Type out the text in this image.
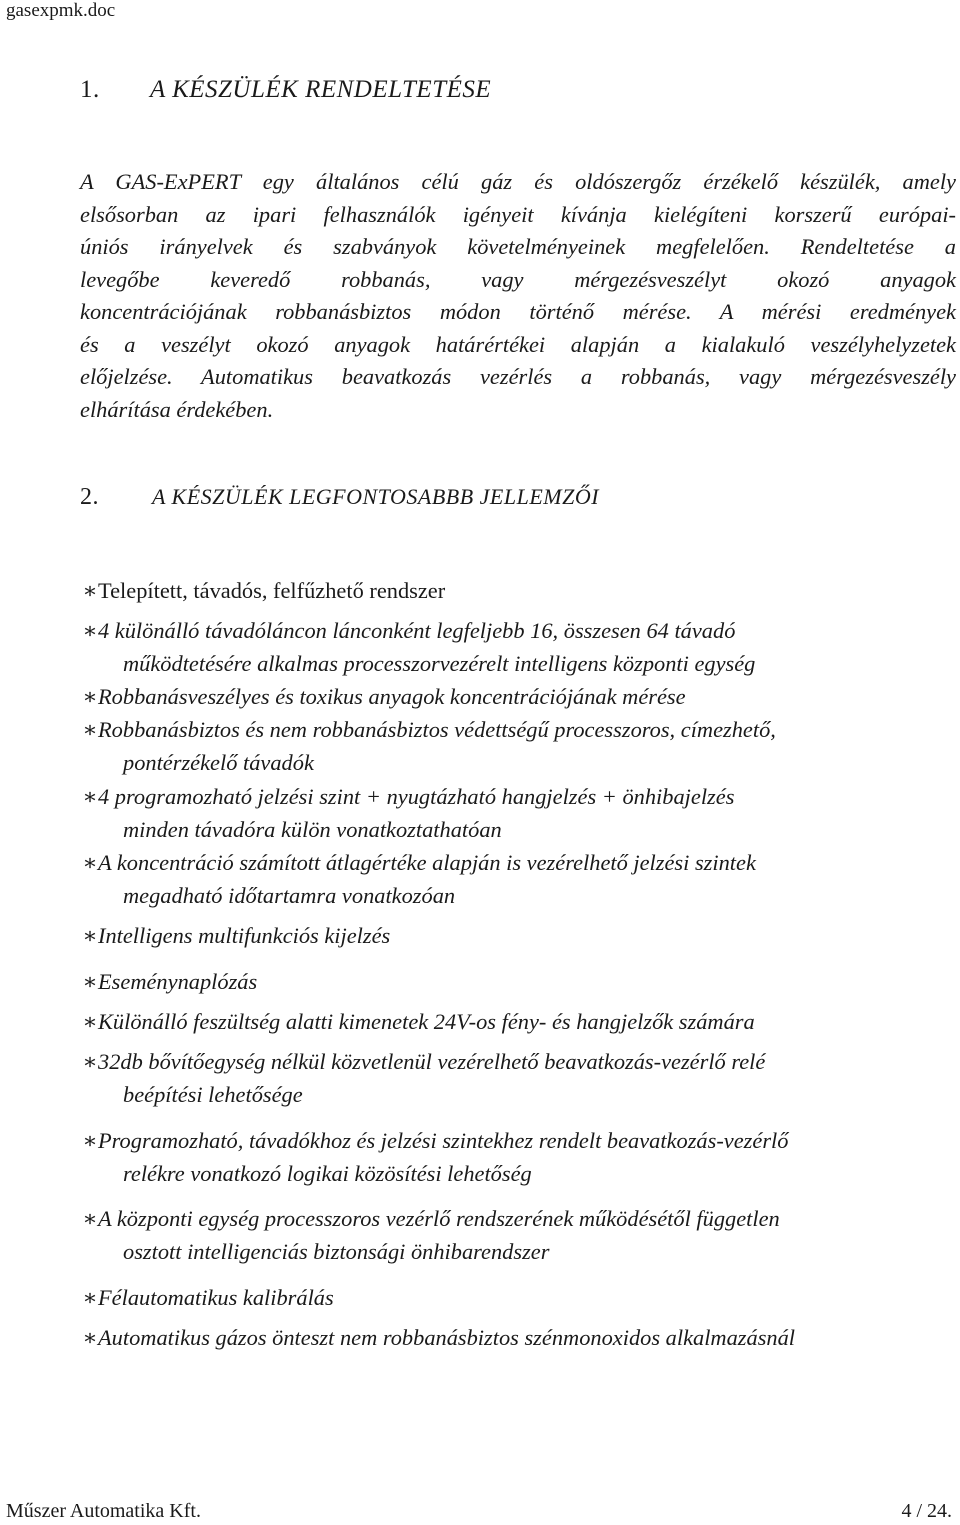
gasexpmk.doc
1. A KÉSZÜLÉK RENDELTETÉSE
A GAS-ExPERT egy általános célú gáz és oldószergőz érzékelő készülék, amely
elsősorban az ipari felhasználók igényeit kívánja kielégíteni korszerű európai-
úniós irányelvek és szabványok követelményeinek megfelelően. Rendeltetése a
levegőbe keveredő robbanás, vagy mérgezésveszélyt okozó anyagok
koncentrációjának robbanásbiztos módon történő mérése. A mérési eredmények
és a veszélyt okozó anyagok határértékei alapján a kialakuló veszélyhelyzetek
előjelzése. Automatikus beavatkozás vezérlés a robbanás, vagy mérgezésveszély
elhárítása érdekében.
2. A KÉSZÜLÉK LEGFONTOSABBB JELLEMZŐI
∗ Telepített, távadós, felfűzhető rendszer
∗ 4 különálló távadóláncon lánconként legfeljebb 16, összesen 64 távadó
működtetésére alkalmas processzorvezérelt intelligens központi egység
∗ Robbanásveszélyes és toxikus anyagok koncentrációjának mérése
∗ Robbanásbiztos és nem robbanásbiztos védettségű processzoros, címezhető,
pontérzékelő távadók
∗ 4 programozható jelzési szint + nyugtázható hangjelzés + önhibajelzés
minden távadóra külön vonatkoztathatóan
∗ A koncentráció számított átlagértéke alapján is vezérelhető jelzési szintek
megadható időtartamra vonatkozóan
∗ Intelligens multifunkciós kijelzés
∗ Eseménynaplózás
∗ Különálló feszültség alatti kimenetek 24V-os fény- és hangjelzők számára
∗ 32db bővítőegység nélkül közvetlenül vezérelhető beavatkozás-vezérlő relé
beépítési lehetősége
∗ Programozható, távadókhoz és jelzési szintekhez rendelt beavatkozás-vezérlő
relékre vonatkozó logikai közösítési lehetőség
∗ A központi egység processzoros vezérlő rendszerének működésétől független
osztott intelligenciás biztonsági önhibarendszer
∗ Félautomatikus kalibrálás
∗ Automatikus gázos önteszt nem robbanásbiztos szénmonoxidos alkalmazásnál
Műszer Automatika Kft.	4 / 24.
